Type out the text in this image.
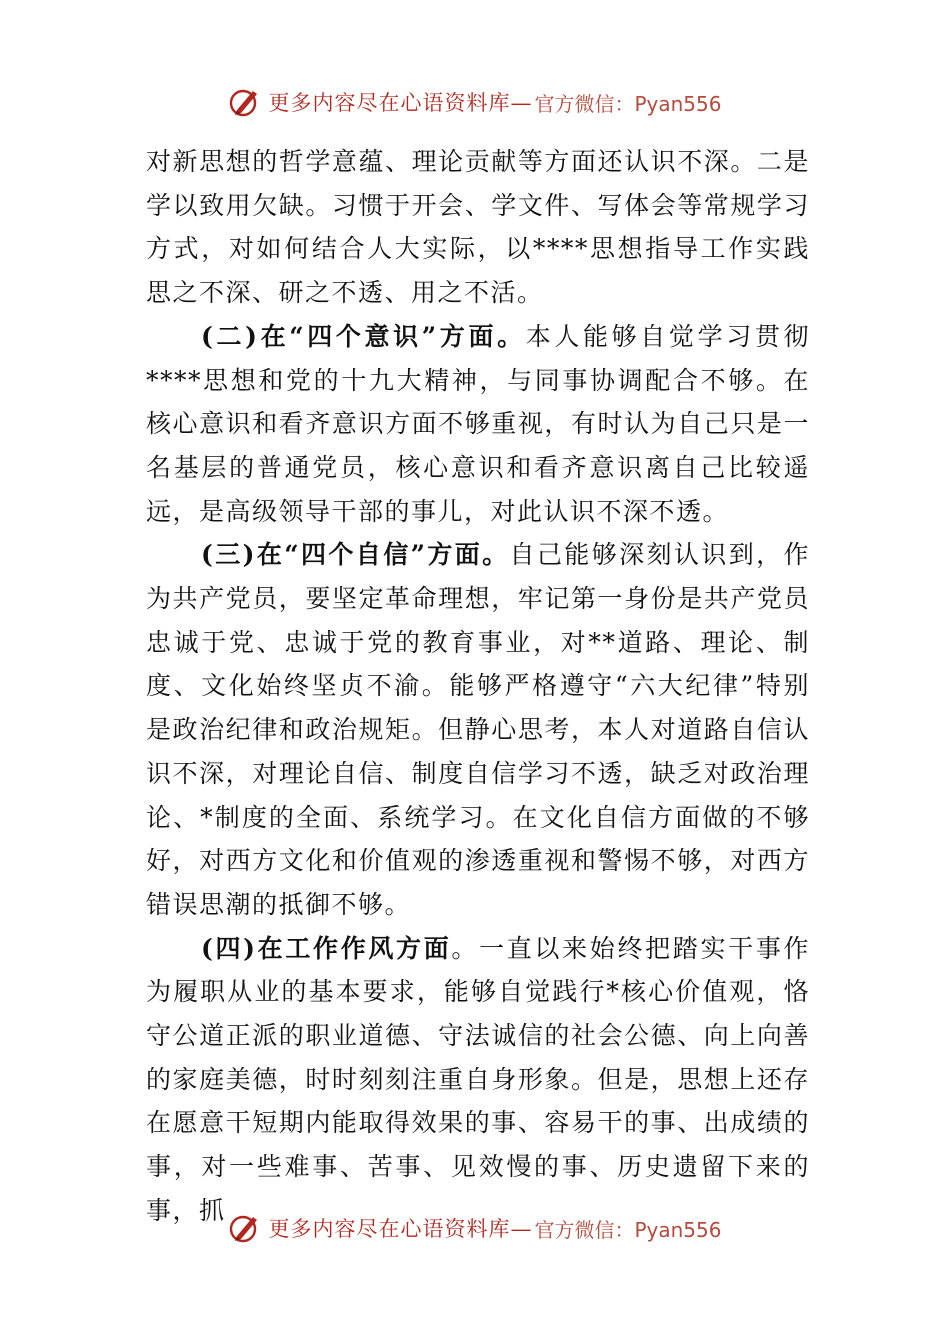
更多内容尽在心语资料库— 官方微信：Pyan556

对新思想的哲学意蕴、理论贡献等方面还认识不深。二是学以致用欠缺。习惯于开会、学文件、写体会等常规学习方式，对如何结合人大实际，以****思想指导工作实践思之不深、研之不透、用之不活。

(二)在“四个意识”方面。本人能够自觉学习贯彻****思想和党的十九大精神，与同事协调配合不够。在核心意识和看齐意识方面不够重视，有时认为自己只是一名基层的普通党员，核心意识和看齐意识离自己比较遥远，是高级领导干部的事儿，对此认识不深不透。

(三)在“四个自信”方面。自己能够深刻认识到，作为共产党员，要坚定革命理想，牢记第一身份是共产党员忠诚于党、忠诚于党的教育事业，对**道路、理论、制度、文化始终坚贞不渝。能够严格遵守“六大纪律”特别是政治纪律和政治规矩。但静心思考，本人对道路自信认识不深，对理论自信、制度自信学习不透，缺乏对政治理论、*制度的全面、系统学习。在文化自信方面做的不够好，对西方文化和价值观的渗透重视和警惕不够，对西方错误思潮的抵御不够。

(四)在工作作风方面。一直以来始终把踏实干事作为履职从业的基本要求，能够自觉践行*核心价值观，恪守公道正派的职业道德、守法诚信的社会公德、向上向善的家庭美德，时时刻刻注重自身形象。但是，思想上还存在愿意干短期内能取得效果的事、容易干的事、出成绩的事，对一些难事、苦事、见效慢的事、历史遗留下来的事，抓

更多内容尽在心语资料库— 官方微信：Pyan556
